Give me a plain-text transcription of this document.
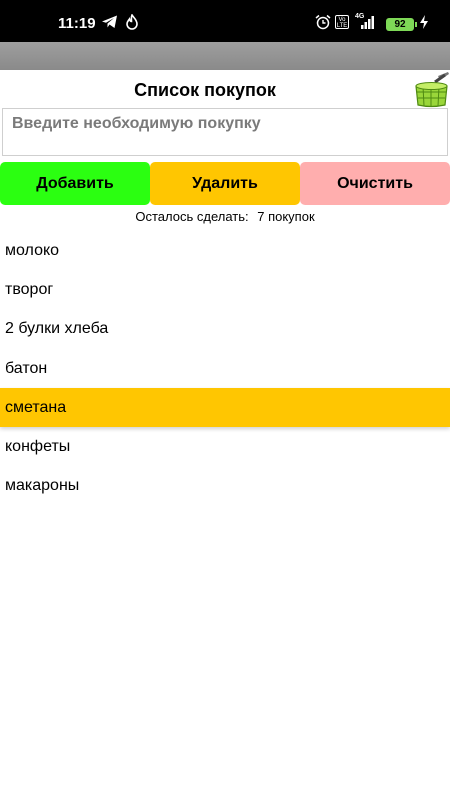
11:19	Vo LTE
4G
92
Список покупок
Введите необходимую покупку
Добавить	Удалить	Очистить
Осталось сделать: 7 покупок
молоко
творог
2 булки хлеба
батон
сметана
конфеты
макароны
